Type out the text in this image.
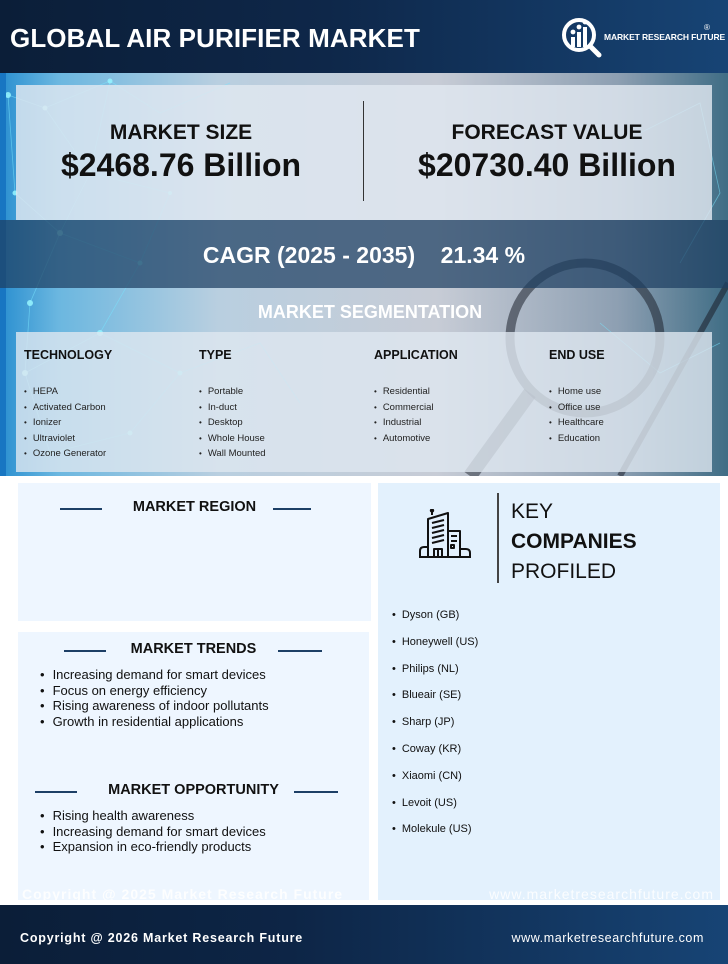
GLOBAL AIR PURIFIER MARKET	MARKET RESEARCH FUTURE
®
MARKET SIZE
$2468.76 Billion
FORECAST VALUE
$20730.40 Billion
CAGR (2025 - 2035)    21.34 %
MARKET SEGMENTATION
TECHNOLOGY
• HEPA
• Activated Carbon
• Ionizer
• Ultraviolet
• Ozone Generator
TYPE
• Portable
• In-duct
• Desktop
• Whole House
• Wall Mounted
APPLICATION
• Residential
• Commercial
• Industrial
• Automotive
END USE
• Home use
• Office use
• Healthcare
• Education
MARKET REGION
MARKET TRENDS
• Increasing demand for smart devices
• Focus on energy efficiency
• Rising awareness of indoor pollutants
• Growth in residential applications
MARKET OPPORTUNITY
• Rising health awareness
• Increasing demand for smart devices
• Expansion in eco-friendly products
Copyright @ 2025 Market Research Future
KEY
COMPANIES
PROFILED
• Dyson (GB)
• Honeywell (US)
• Philips (NL)
• Blueair (SE)
• Sharp (JP)
• Coway (KR)
• Xiaomi (CN)
• Levoit (US)
• Molekule (US)
www.marketresearchfuture.com
Copyright @ 2026 Market Research Future	www.marketresearchfuture.com
